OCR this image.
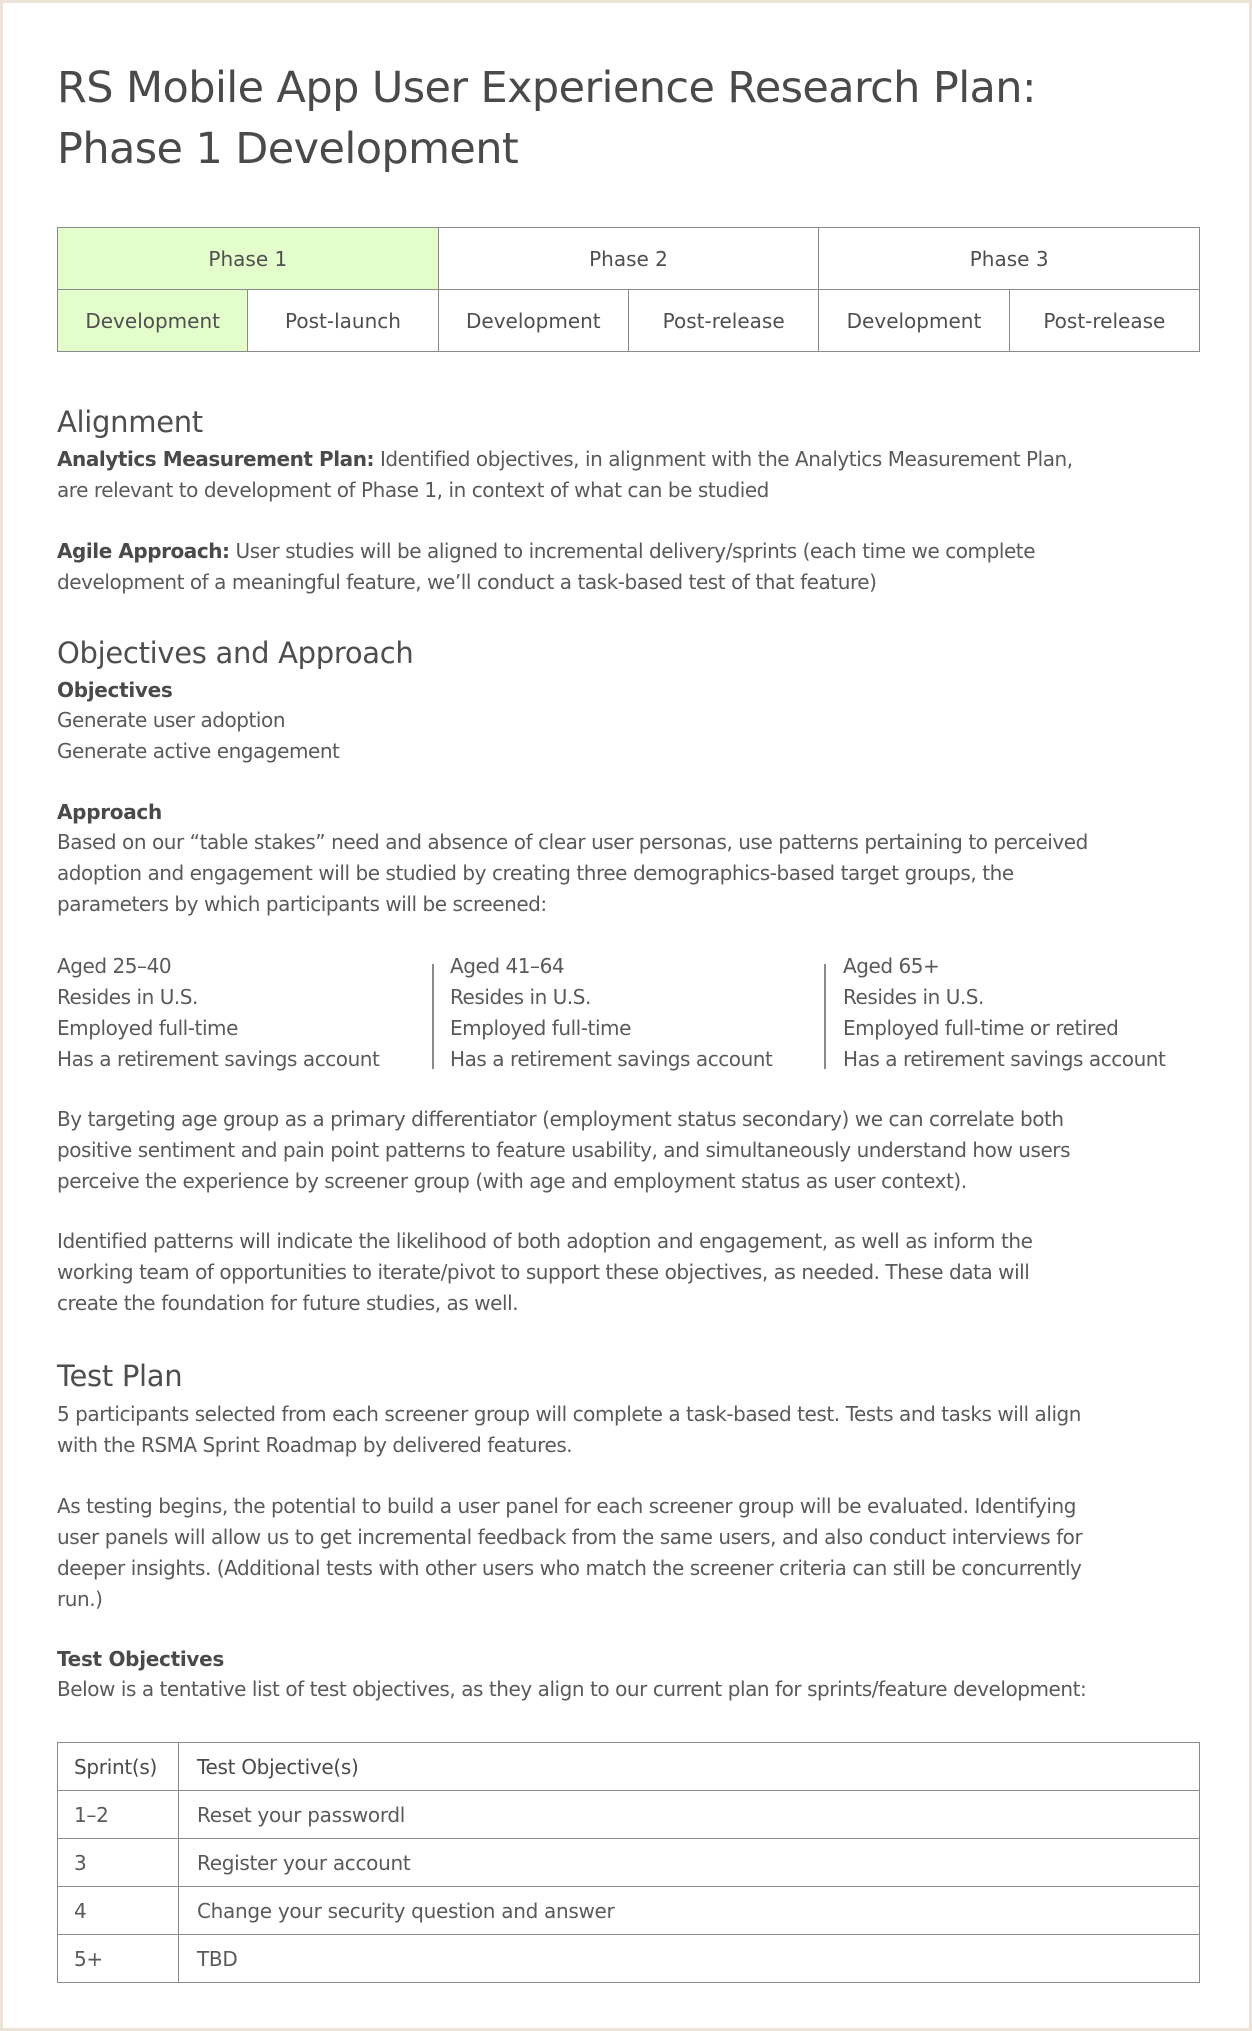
RS Mobile App User Experience Research Plan:
Phase 1 Development
Phase 1		Phase 2		Phase 3	
Development	Post-launch	Development	Post-release	Development	Post-release
Alignment

Analytics Measurement Plan: Identified objectives, in alignment with the Analytics Measurement Plan,
are relevant to development of Phase 1, in context of what can be studied

Agile Approach: User studies will be aligned to incremental delivery/sprints (each time we complete
development of a meaningful feature, we’ll conduct a task-based test of that feature)

Objectives and Approach
Objectives

Generate user adoption
Generate active engagement

Approach

Based on our “table stakes” need and absence of clear user personas, use patterns pertaining to perceived
adoption and engagement will be studied by creating three demographics-based target groups, the
parameters by which participants will be screened:

Aged 25–40
Resides in U.S.
Employed full-time
Has a retirement savings account
Aged 41–64
Resides in U.S.
Employed full-time
Has a retirement savings account
Aged 65+
Resides in U.S.
Employed full-time or retired
Has a retirement savings account

By targeting age group as a primary differentiator (employment status secondary) we can correlate both
positive sentiment and pain point patterns to feature usability, and simultaneously understand how users
perceive the experience by screener group (with age and employment status as user context).

Identified patterns will indicate the likelihood of both adoption and engagement, as well as inform the
working team of opportunities to iterate/pivot to support these objectives, as needed. These data will
create the foundation for future studies, as well.

Test Plan

5 participants selected from each screener group will complete a task-based test. Tests and tasks will align
with the RSMA Sprint Roadmap by delivered features.

As testing begins, the potential to build a user panel for each screener group will be evaluated. Identifying
user panels will allow us to get incremental feedback from the same users, and also conduct interviews for
deeper insights. (Additional tests with other users who match the screener criteria can still be concurrently
run.)

Test Objectives

Below is a tentative list of test objectives, as they align to our current plan for sprints/feature development:

Sprint(s)	Test Objective(s)
1–2	Reset your passwordl
3	Register your account
4	Change your security question and answer
5+	TBD
